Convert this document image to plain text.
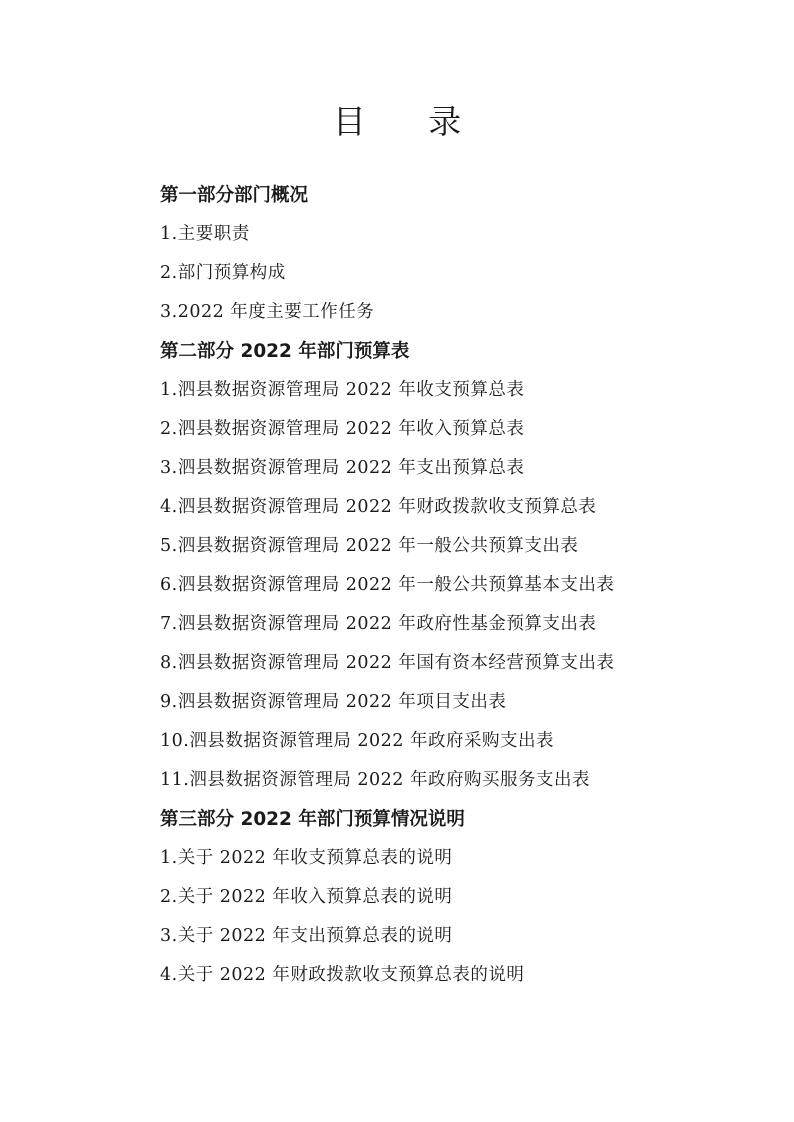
目 录
第一部分部门概况
1.主要职责
2.部门预算构成
3.2022 年度主要工作任务
第二部分 2022 年部门预算表
1.泗县数据资源管理局 2022 年收支预算总表
2.泗县数据资源管理局 2022 年收入预算总表
3.泗县数据资源管理局 2022 年支出预算总表
4.泗县数据资源管理局 2022 年财政拨款收支预算总表
5.泗县数据资源管理局 2022 年一般公共预算支出表
6.泗县数据资源管理局 2022 年一般公共预算基本支出表
7.泗县数据资源管理局 2022 年政府性基金预算支出表
8.泗县数据资源管理局 2022 年国有资本经营预算支出表
9.泗县数据资源管理局 2022 年项目支出表
10.泗县数据资源管理局 2022 年政府采购支出表
11.泗县数据资源管理局 2022 年政府购买服务支出表
第三部分 2022 年部门预算情况说明
1.关于 2022 年收支预算总表的说明
2.关于 2022 年收入预算总表的说明
3.关于 2022 年支出预算总表的说明
4.关于 2022 年财政拨款收支预算总表的说明
